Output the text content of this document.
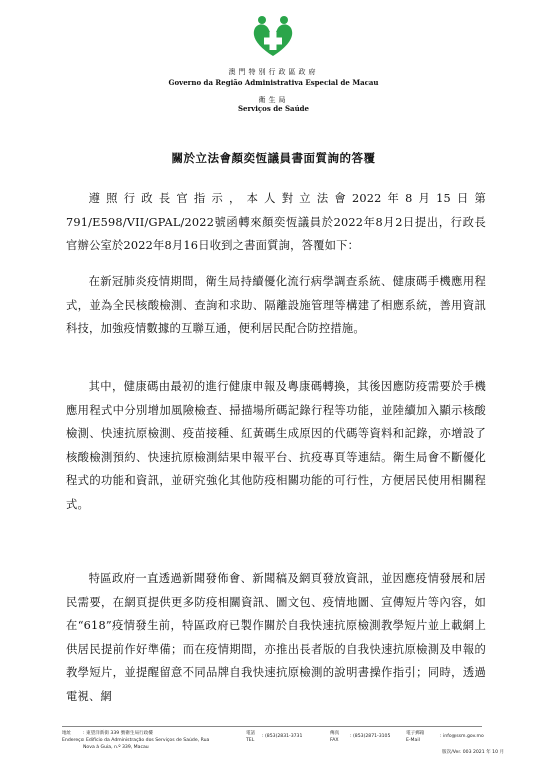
澳門特別行政區政府
Governo da Região Administrativa Especial de Macau
衛生局
Serviços de Saúde
關於立法會顏奕恆議員書面質詢的答覆

遵照行政長官指示，本人對立法會2022年8月15日第791/E598/VII/GPAL/2022號函轉來顏奕恆議員於2022年8月2日提出，行政長官辦公室於2022年8月16日收到之書面質詢，答覆如下：

在新冠肺炎疫情期間，衛生局持續優化流行病學調查系統、健康碼手機應用程式，並為全民核酸檢測、查詢和求助、隔離設施管理等構建了相應系統，善用資訊科技，加強疫情數據的互聯互通，便利居民配合防控措施。

其中，健康碼由最初的進行健康申報及粵康碼轉換，其後因應防疫需要於手機應用程式中分別增加風險檢查、掃描場所碼記錄行程等功能，並陸續加入顯示核酸檢測、快速抗原檢測、疫苗接種、紅黃碼生成原因的代碼等資料和記錄，亦增設了核酸檢測預約、快速抗原檢測結果申報平台、抗疫專頁等連結。衛生局會不斷優化程式的功能和資訊，並研究強化其他防疫相關功能的可行性，方便居民使用相關程式。

特區政府一直透過新聞發佈會、新聞稿及網頁發放資訊，並因應疫情發展和居民需要，在網頁提供更多防疫相關資訊、圖文包、疫情地圖、宣傳短片等內容，如在“618”疫情發生前，特區政府已製作關於自我快速抗原檢測教學短片並上載網上供居民提前作好準備；而在疫情期間，亦推出長者版的自我快速抗原檢測及申報的教學短片，並提醒留意不同品牌自我快速抗原檢測的說明書操作指引；同時，透過電視、網

地址
Endereço
: 東望洋新街 339 號衛生局行政樓
: Edifício da Administração dos Serviços de Saúde, Rua Nova à Guia, n.º 339, Macau
電話
TEL
: (853)2831-3731
傳真
FAX
: (853)2871-3105
電子郵箱
E-Mail
: info@ssm.gov.mo
版次/Ver. 003 2021 年 10 月
